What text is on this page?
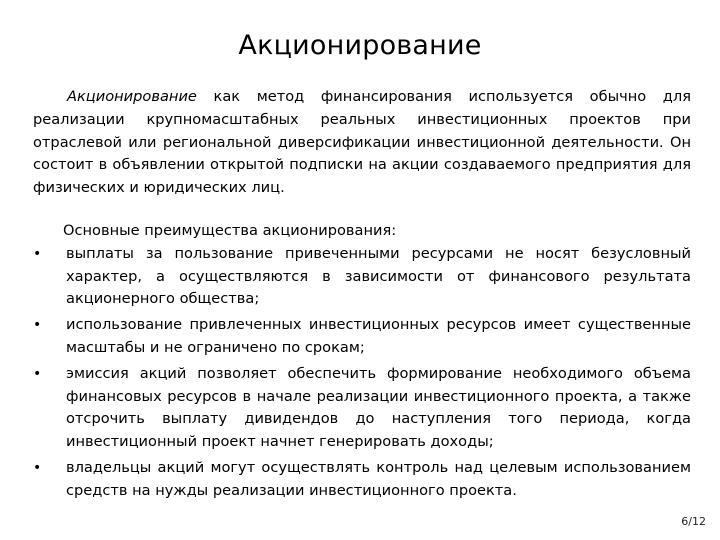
Акционирование

Акционирование как метод финансирования используется обычно для реализации крупномасштабных реальных инвестиционных проектов при отраслевой или региональной диверсификации инвестиционной деятельности. Он состоит в объявлении открытой подписки на акции создаваемого предприятия для физических и юридических лиц.

Основные преимущества акционирования:

• выплаты за пользование привеченными ресурсами не носят безусловный характер, а осуществляются в зависимости от финансового результата акционерного общества;
• использование привлеченных инвестиционных ресурсов имеет существенные масштабы и не ограничено по срокам;
• эмиссия акций позволяет обеспечить формирование необходимого объема финансовых ресурсов в начале реализации инвестиционного проекта, а также отсрочить выплату дивидендов до наступления того периода, когда инвестиционный проект начнет генерировать доходы;
• владельцы акций могут осуществлять контроль над целевым использованием средств на нужды реализации инвестиционного проекта.
6/12
